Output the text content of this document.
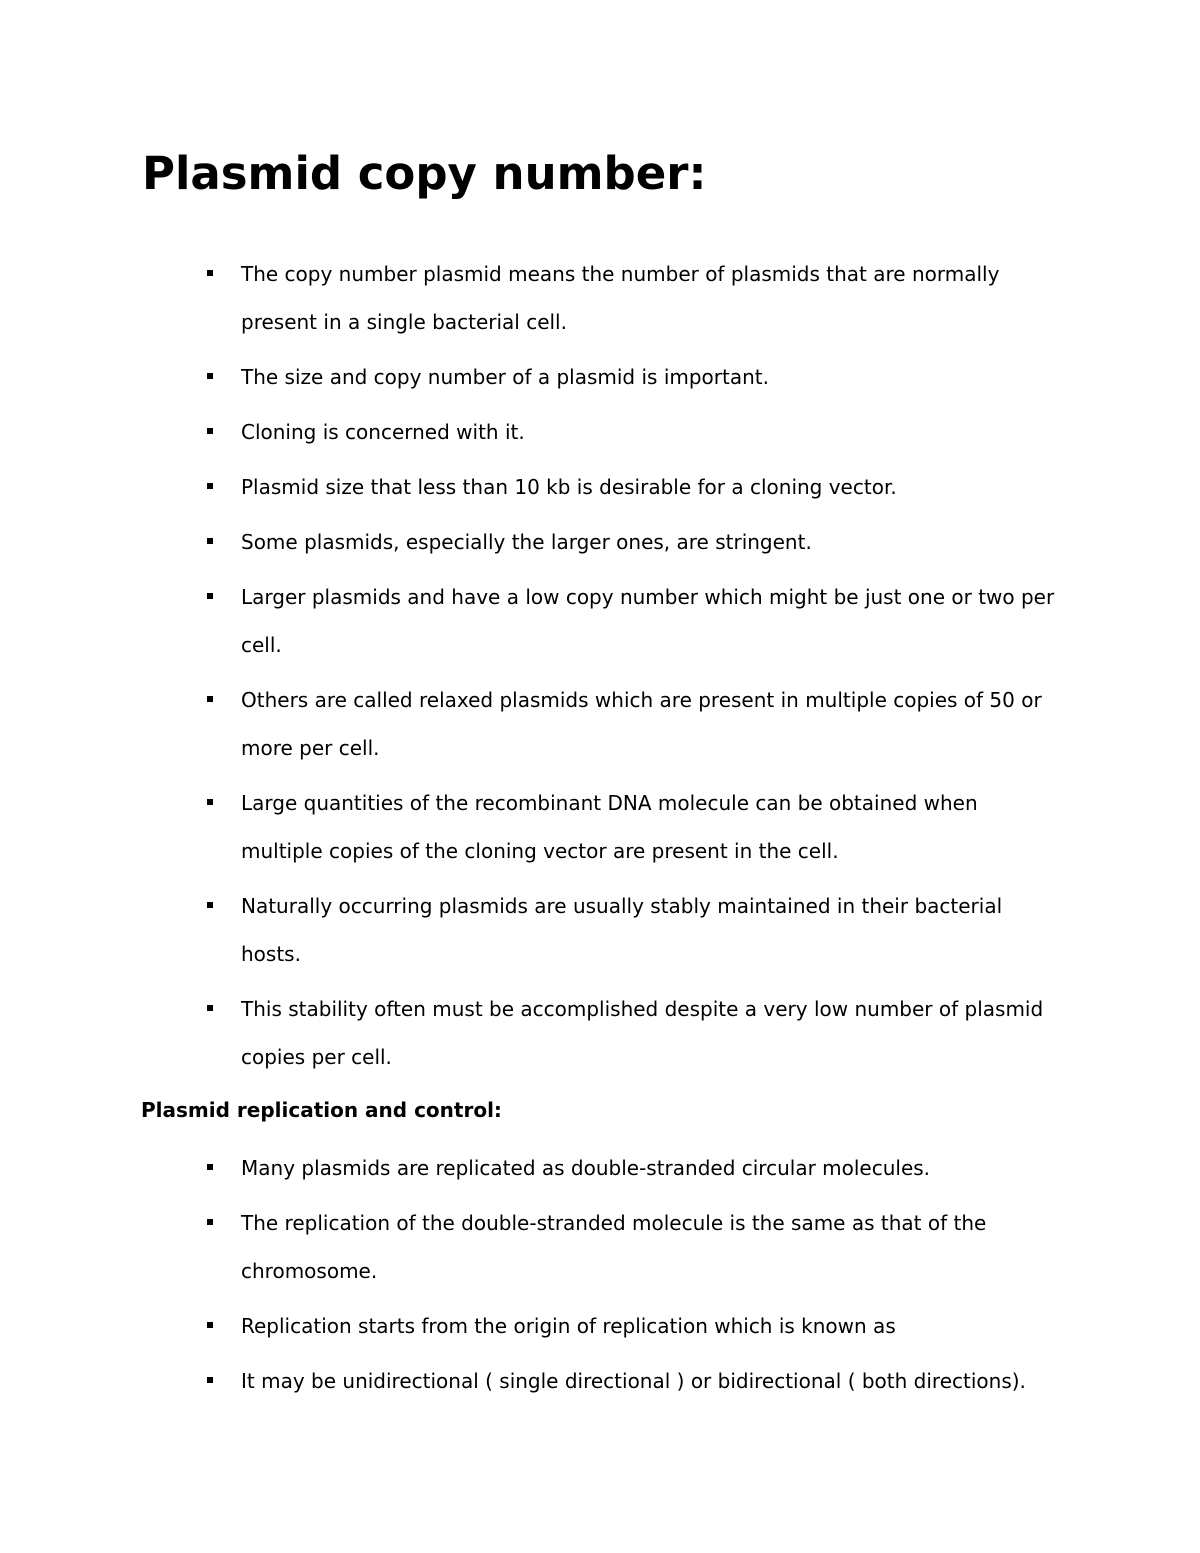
Plasmid copy number:
The copy number plasmid means the number of plasmids that are normally present in a single bacterial cell.
The size and copy number of a plasmid is important.
Cloning is concerned with it.
Plasmid size that less than 10 kb is desirable for a cloning vector.
Some plasmids, especially the larger ones, are stringent.
Larger plasmids and have a low copy number which might be just one or two per cell.
Others are called relaxed plasmids which are present in multiple copies of 50 or more per cell.
Large quantities of the recombinant DNA molecule can be obtained when multiple copies of the cloning vector are present in the cell.
Naturally occurring plasmids are usually stably maintained in their bacterial hosts.
This stability often must be accomplished despite a very low number of plasmid copies per cell.
Plasmid replication and control:
Many plasmids are replicated as double-stranded circular molecules.
The replication of the double-stranded molecule is the same as that of the chromosome.
Replication starts from the origin of replication which is known as
It may be unidirectional ( single directional ) or bidirectional ( both directions).
